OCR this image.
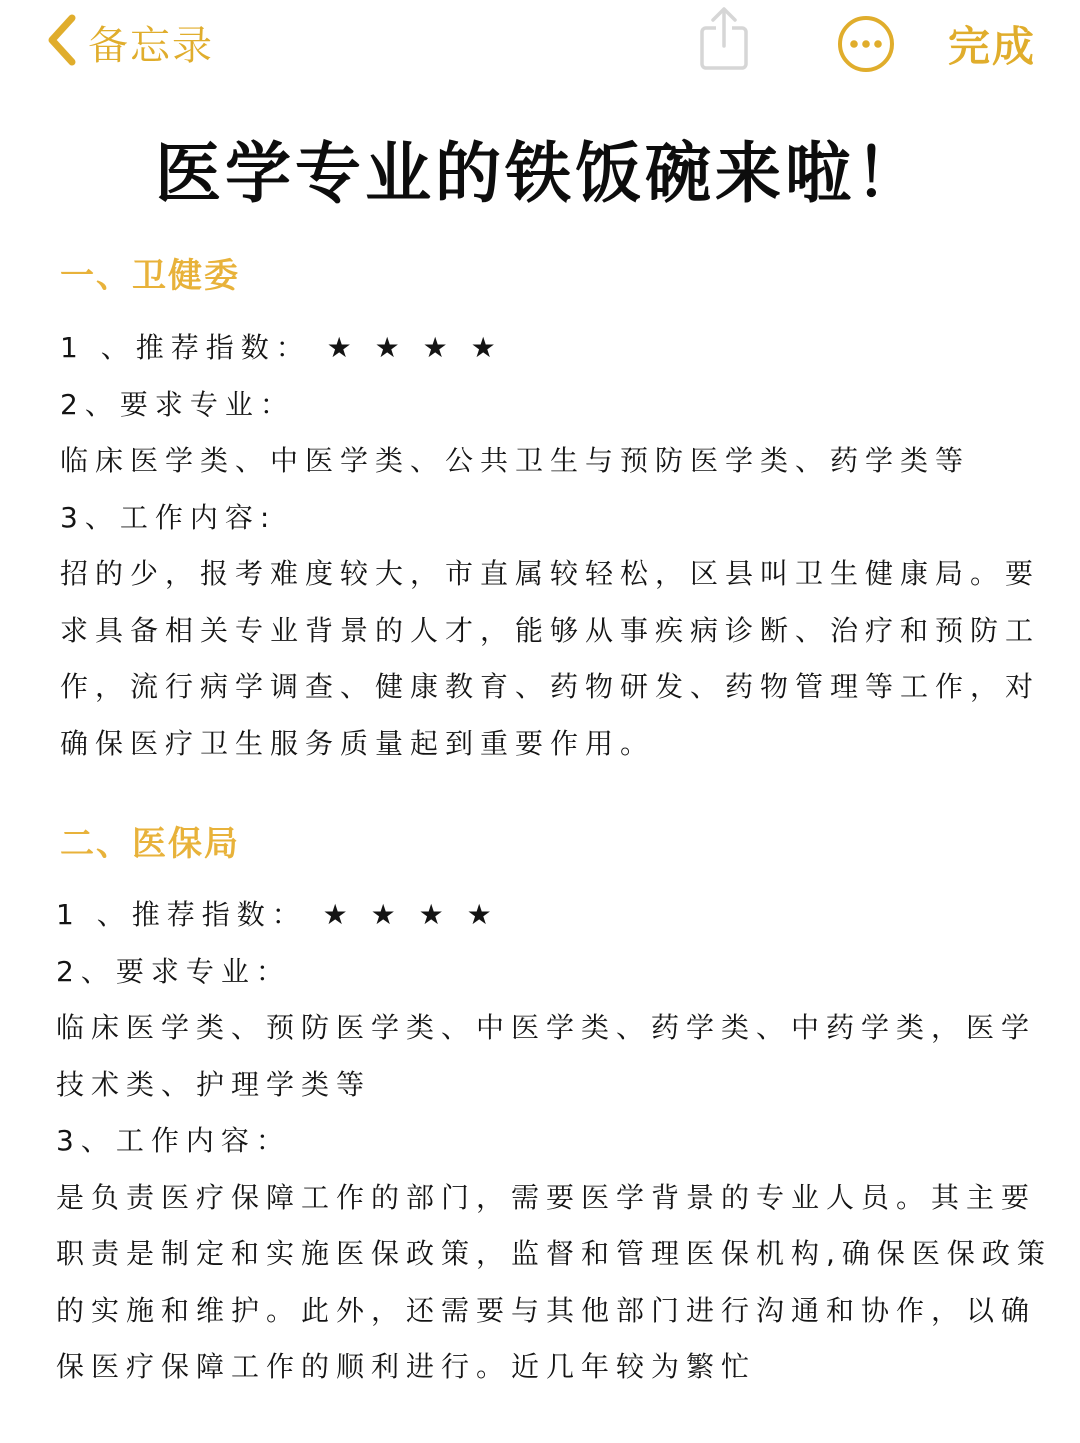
备忘录	完成
医学专业的铁饭碗来啦！
一、卫健委
1 、推荐指数： ★ ★ ★ ★
2、要求专业：
临床医学类、中医学类、公共卫生与预防医学类、药学类等
3、工作内容:
招的少，报考难度较大，市直属较轻松，区县叫卫生健康局。要
求具备相关专业背景的人才，能够从事疾病诊断、治疗和预防工
作，流行病学调查、健康教育、药物研发、药物管理等工作，对
确保医疗卫生服务质量起到重要作用。
二、医保局
1 、推荐指数： ★ ★ ★ ★
2、要求专业：
临床医学类、预防医学类、中医学类、药学类、中药学类，医学
技术类、护理学类等
3、工作内容：
是负责医疗保障工作的部门，需要医学背景的专业人员。其主要
职责是制定和实施医保政策，监督和管理医保机构,确保医保政策
的实施和维护。此外，还需要与其他部门进行沟通和协作，以确
保医疗保障工作的顺利进行。近几年较为繁忙
